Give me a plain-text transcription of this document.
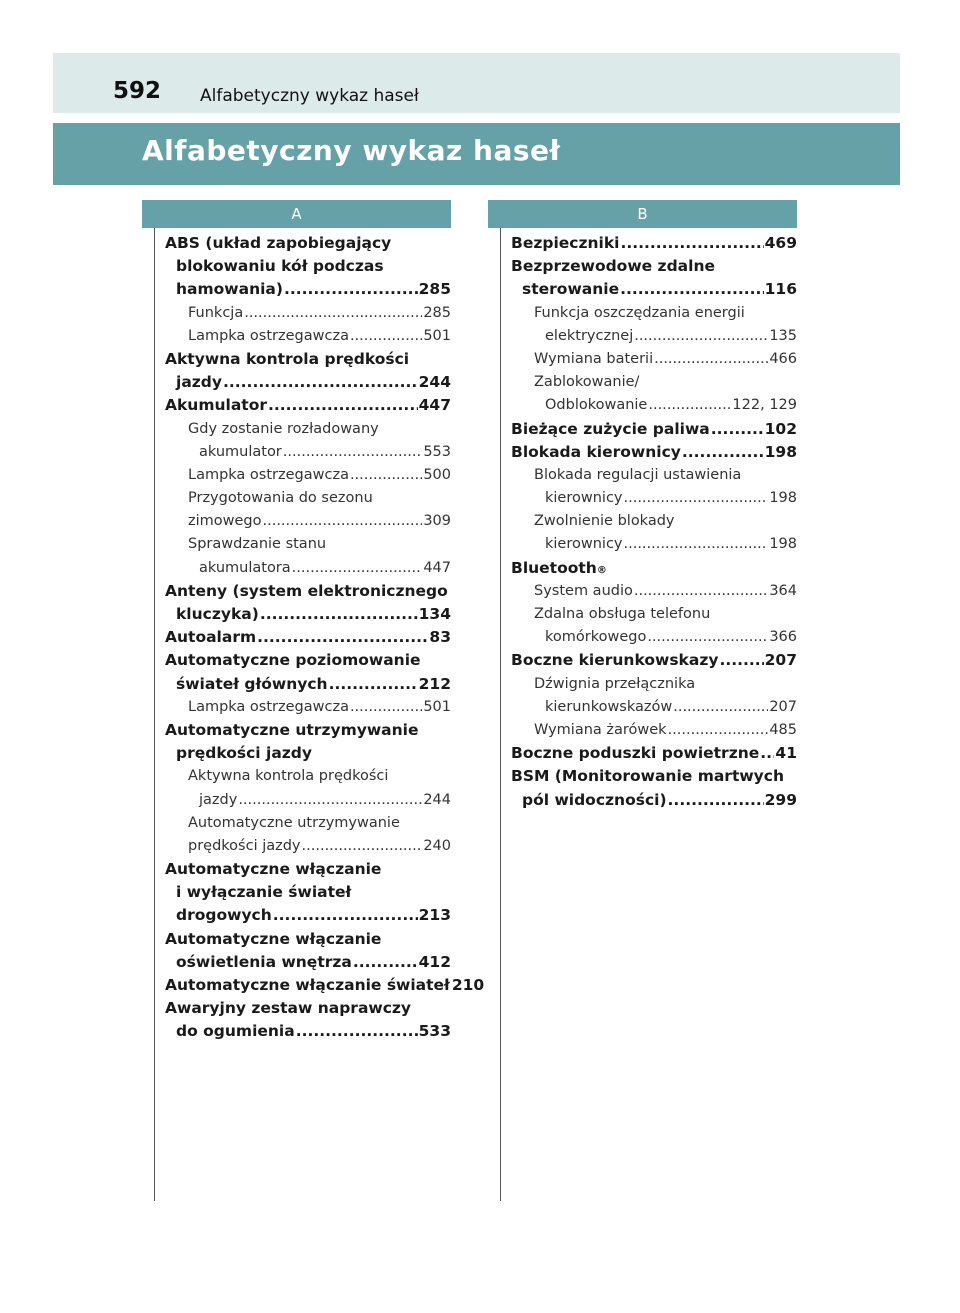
592 Alfabetyczny wykaz haseł
Alfabetyczny wykaz haseł
A
ABS (układ zapobiegający
blokowaniu kół podczas
hamowania) .....	285
Funkcja .....	285
Lampka ostrzegawcza .....	501
Aktywna kontrola prędkości
jazdy .....	244
Akumulator .....	447
Gdy zostanie rozładowany
akumulator .....	553
Lampka ostrzegawcza .....	500
Przygotowania do sezonu
zimowego .....	309
Sprawdzanie stanu
akumulatora .....	447
Anteny (system elektronicznego
kluczyka) .....	134
Autoalarm .....	83
Automatyczne poziomowanie
świateł głównych .....	212
Lampka ostrzegawcza .....	501
Automatyczne utrzymywanie
prędkości jazdy
Aktywna kontrola prędkości
jazdy .....	244
Automatyczne utrzymywanie
prędkości jazdy .....	240
Automatyczne włączanie
i wyłączanie świateł
drogowych .....	213
Automatyczne włączanie
oświetlenia wnętrza .....	412
Automatyczne włączanie świateł 210
Awaryjny zestaw naprawczy
do ogumienia .....	533
B
Bezpieczniki .....	469
Bezprzewodowe zdalne
sterowanie .....	116
Funkcja oszczędzania energii
elektrycznej .....	135
Wymiana baterii .....	466
Zablokowanie/
Odblokowanie .....	122, 129
Bieżące zużycie paliwa .....	102
Blokada kierownicy .....	198
Blokada regulacji ustawienia
kierownicy .....	198
Zwolnienie blokady
kierownicy .....	198
Bluetooth ®
System audio .....	364
Zdalna obsługa telefonu
komórkowego .....	366
Boczne kierunkowskazy .....	207
Dźwignia przełącznika
kierunkowskazów .....	207
Wymiana żarówek .....	485
Boczne poduszki powietrzne ..... 41
BSM (Monitorowanie martwych
pól widoczności) .....	299
